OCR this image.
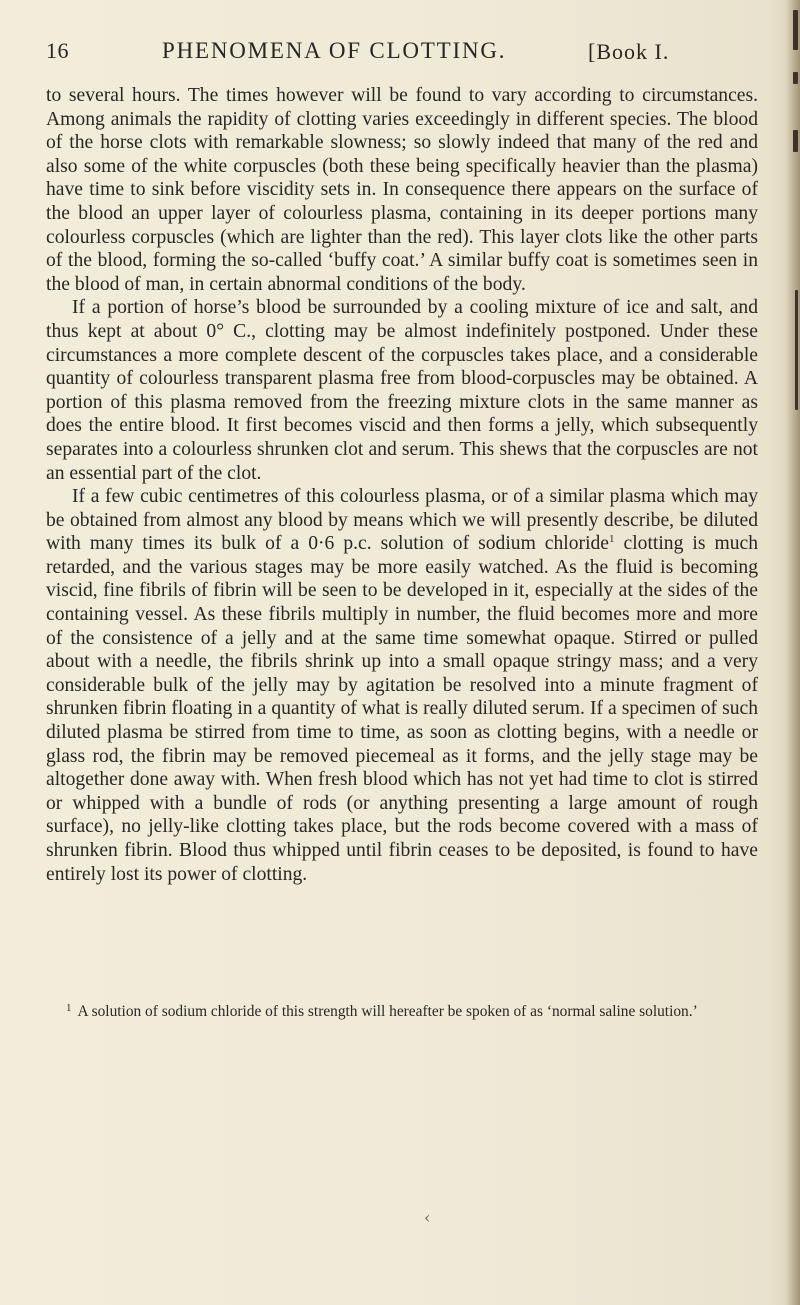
16	PHENOMENA OF CLOTTING.	[Book I.

to several hours. The times however will be found to vary according to circumstances. Among animals the rapidity of clotting varies exceedingly in different species. The blood of the horse clots with remarkable slowness; so slowly indeed that many of the red and also some of the white corpuscles (both these being specifically heavier than the plasma) have time to sink before viscidity sets in. In consequence there appears on the surface of the blood an upper layer of colourless plasma, containing in its deeper portions many colourless corpuscles (which are lighter than the red). This layer clots like the other parts of the blood, forming the so-called ‘buffy coat.’ A similar buffy coat is sometimes seen in the blood of man, in certain abnormal conditions of the body.

If a portion of horse’s blood be surrounded by a cooling mixture of ice and salt, and thus kept at about 0° C., clotting may be almost indefinitely postponed. Under these circumstances a more complete descent of the corpuscles takes place, and a considerable quantity of colourless transparent plasma free from blood-corpuscles may be obtained. A portion of this plasma removed from the freezing mixture clots in the same manner as does the entire blood. It first becomes viscid and then forms a jelly, which subsequently separates into a colourless shrunken clot and serum. This shews that the corpuscles are not an essential part of the clot.

If a few cubic centimetres of this colourless plasma, or of a similar plasma which may be obtained from almost any blood by means which we will presently describe, be diluted with many times its bulk of a 0·6 p.c. solution of sodium chloride$^1$ clotting is much retarded, and the various stages may be more easily watched. As the fluid is becoming viscid, fine fibrils of fibrin will be seen to be developed in it, especially at the sides of the containing vessel. As these fibrils multiply in number, the fluid becomes more and more of the consistence of a jelly and at the same time somewhat opaque. Stirred or pulled about with a needle, the fibrils shrink up into a small opaque stringy mass; and a very considerable bulk of the jelly may by agitation be resolved into a minute fragment of shrunken fibrin floating in a quantity of what is really diluted serum. If a specimen of such diluted plasma be stirred from time to time, as soon as clotting begins, with a needle or glass rod, the fibrin may be removed piecemeal as it forms, and the jelly stage may be altogether done away with. When fresh blood which has not yet had time to clot is stirred or whipped with a bundle of rods (or anything presenting a large amount of rough surface), no jelly-like clotting takes place, but the rods become covered with a mass of shrunken fibrin. Blood thus whipped until fibrin ceases to be deposited, is found to have entirely lost its power of clotting.

$^1$ A solution of sodium chloride of this strength will hereafter be spoken of as ‘normal saline solution.’
‹
